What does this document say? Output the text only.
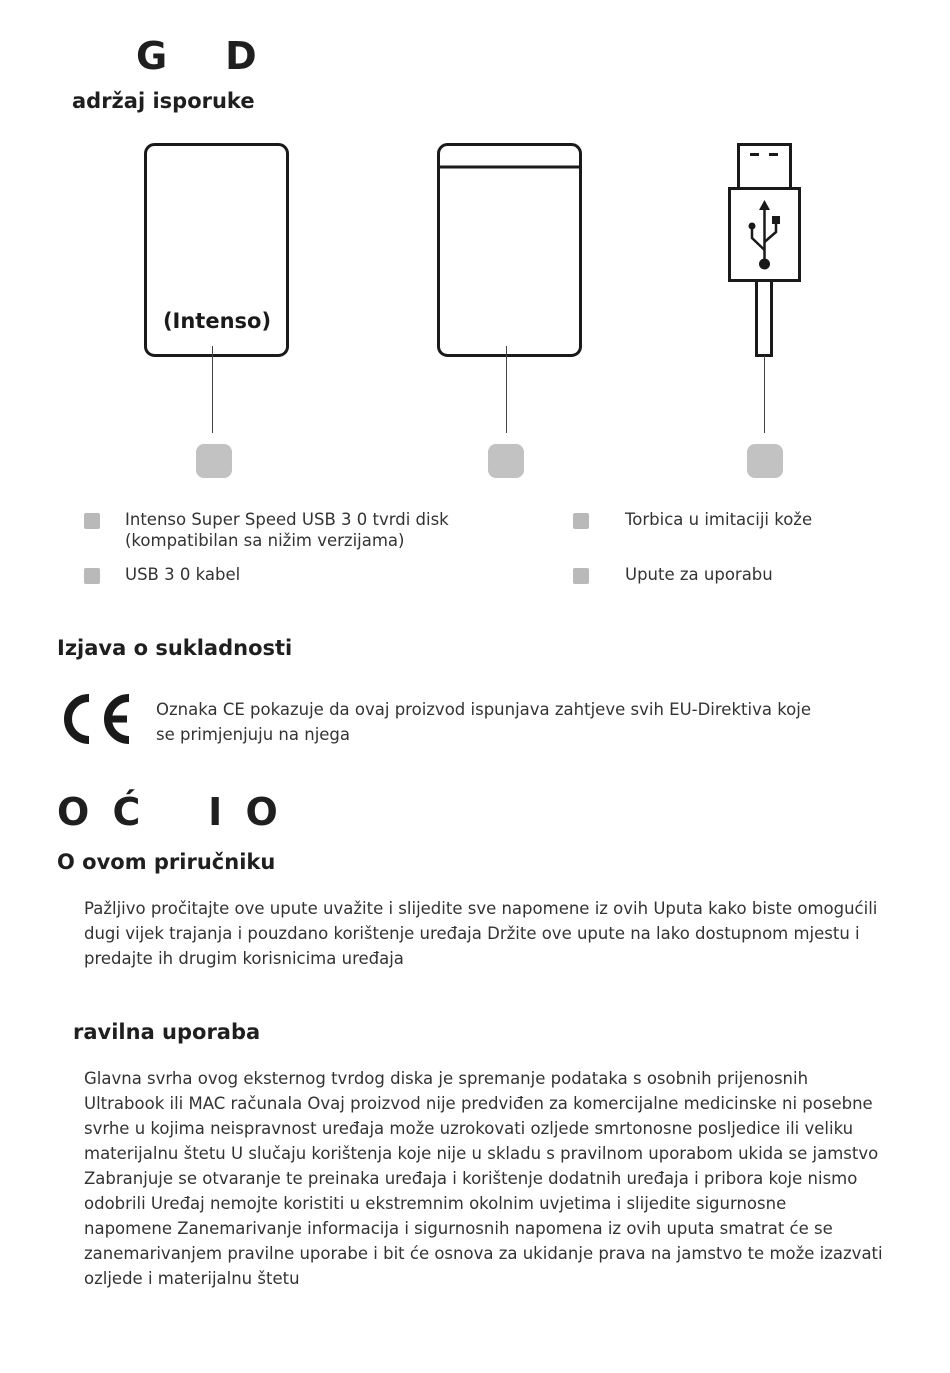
G    D
adržaj isporuke
(Intenso)
Intenso Super Speed USB 3 0 tvrdi disk
(kompatibilan sa nižim verzijama)
Torbica u imitaciji kože
USB 3 0 kabel	Upute za uporabu
Izjava o sukladnosti
Oznaka CE pokazuje da ovaj proizvod ispunjava zahtjeve svih EU-Direktiva koje
se primjenjuju na njega
O Ć   I O
O ovom priručniku
Pažljivo pročitajte ove upute uvažite i slijedite sve napomene iz ovih Uputa kako biste omogućili
dugi vijek trajanja i pouzdano korištenje uređaja Držite ove upute na lako dostupnom mjestu i
predajte ih drugim korisnicima uređaja
ravilna uporaba
Glavna svrha ovog eksternog tvrdog diska je spremanje podataka s osobnih prijenosnih
Ultrabook ili MAC računala Ovaj proizvod nije predviđen za komercijalne medicinske ni posebne
svrhe u kojima neispravnost uređaja može uzrokovati ozljede smrtonosne posljedice ili veliku
materijalnu štetu U slučaju korištenja koje nije u skladu s pravilnom uporabom ukida se jamstvo
Zabranjuje se otvaranje te preinaka uređaja i korištenje dodatnih uređaja i pribora koje nismo
odobrili Uređaj nemojte koristiti u ekstremnim okolnim uvjetima i slijedite sigurnosne
napomene Zanemarivanje informacija i sigurnosnih napomena iz ovih uputa smatrat će se
zanemarivanjem pravilne uporabe i bit će osnova za ukidanje prava na jamstvo te može izazvati
ozljede i materijalnu štetu
